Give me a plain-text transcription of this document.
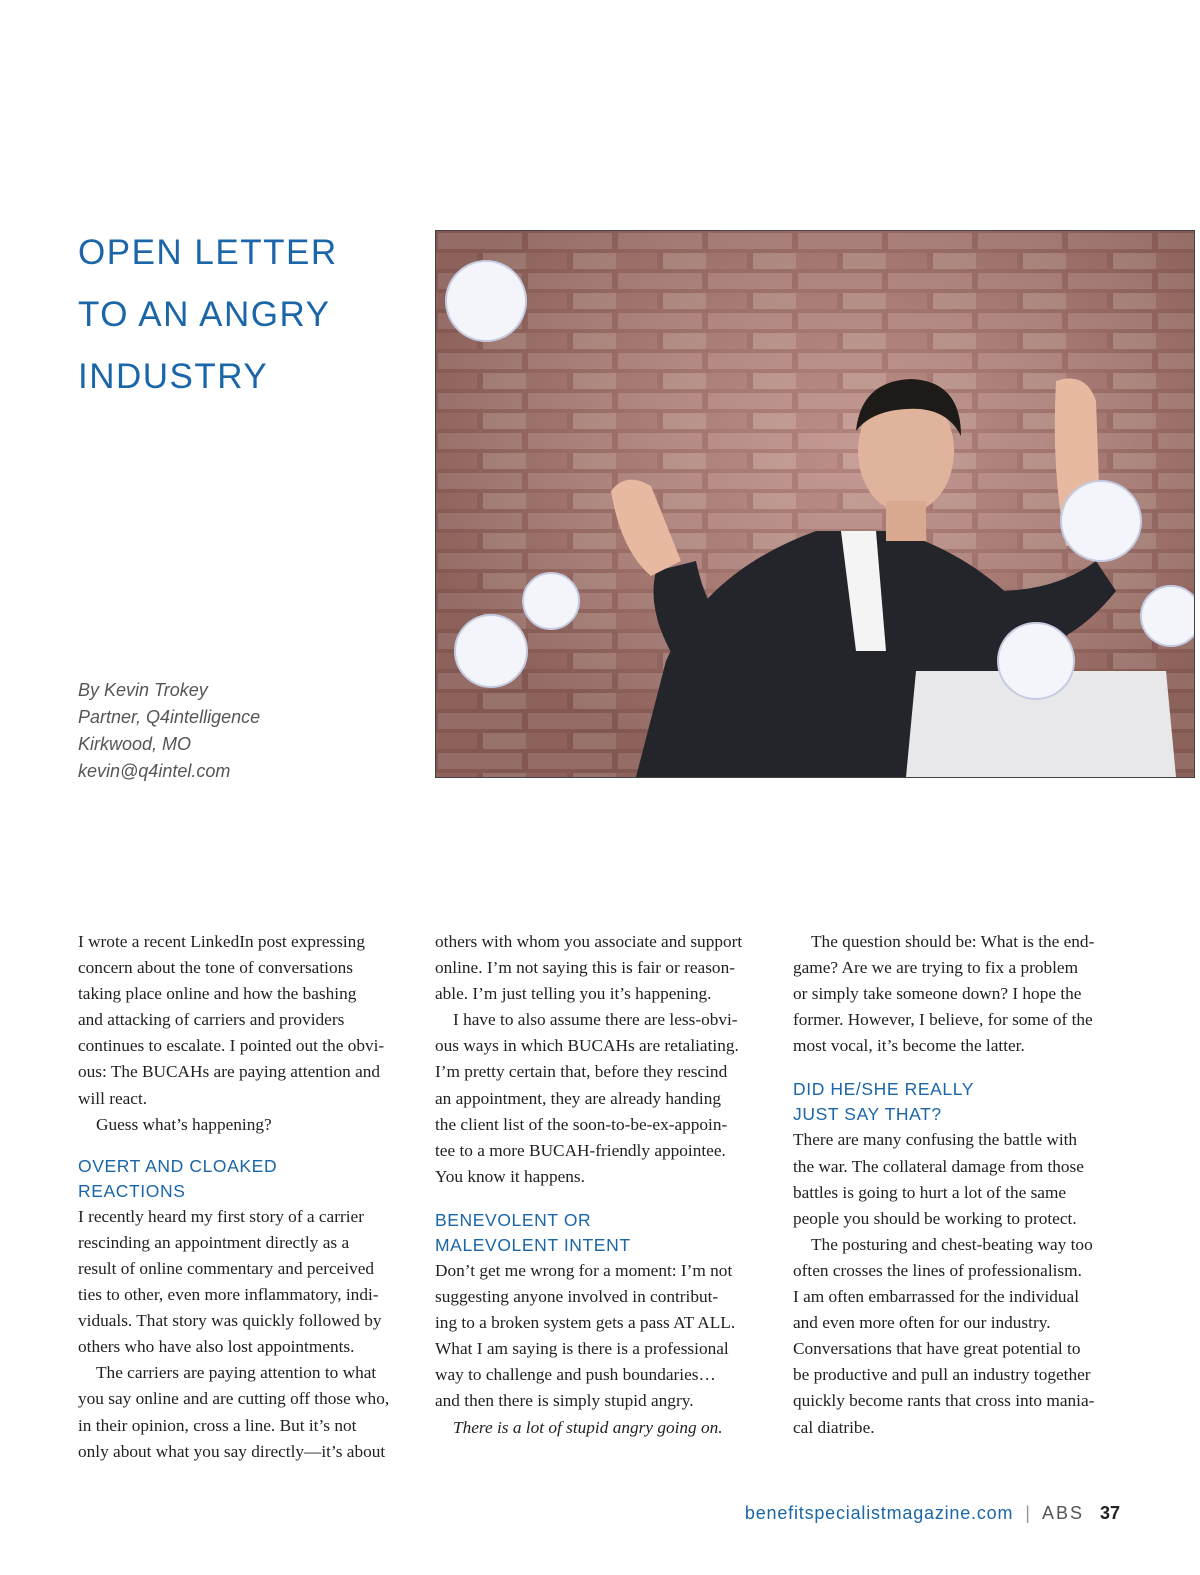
OPEN LETTER
TO AN ANGRY
INDUSTRY
By Kevin Trokey
Partner, Q4intelligence
Kirkwood, MO
kevin@q4intel.com

I wrote a recent LinkedIn post expressing
concern about the tone of conversations
taking place online and how the bashing
and attacking of carriers and providers
continues to escalate. I pointed out the obvi-
ous: The BUCAHs are paying attention and
will react.

Guess what’s happening?

OVERT AND CLOAKED
REACTIONS

I recently heard my first story of a carrier
rescinding an appointment directly as a
result of online commentary and perceived
ties to other, even more inflammatory, indi-
viduals. That story was quickly followed by
others who have also lost appointments.

The carriers are paying attention to what
you say online and are cutting off those who,
in their opinion, cross a line. But it’s not
only about what you say directly—it’s about

others with whom you associate and support
online. I’m not saying this is fair or reason-
able. I’m just telling you it’s happening.

I have to also assume there are less-obvi-
ous ways in which BUCAHs are retaliating.
I’m pretty certain that, before they rescind
an appointment, they are already handing
the client list of the soon-to-be-ex-appoin-
tee to a more BUCAH-friendly appointee.
You know it happens.

BENEVOLENT OR
MALEVOLENT INTENT

Don’t get me wrong for a moment: I’m not
suggesting anyone involved in contribut-
ing to a broken system gets a pass AT ALL.
What I am saying is there is a professional
way to challenge and push boundaries…
and then there is simply stupid angry.

There is a lot of stupid angry going on.

The question should be: What is the end-
game? Are we are trying to fix a problem
or simply take someone down? I hope the
former. However, I believe, for some of the
most vocal, it’s become the latter.

DID HE/SHE REALLY
JUST SAY THAT?

There are many confusing the battle with
the war. The collateral damage from those
battles is going to hurt a lot of the same
people you should be working to protect.

The posturing and chest-beating way too
often crosses the lines of professionalism.
I am often embarrassed for the individual
and even more often for our industry.
Conversations that have great potential to
be productive and pull an industry together
quickly become rants that cross into mania-
cal diatribe.

benefitspecialistmagazine.com | ABS 37
